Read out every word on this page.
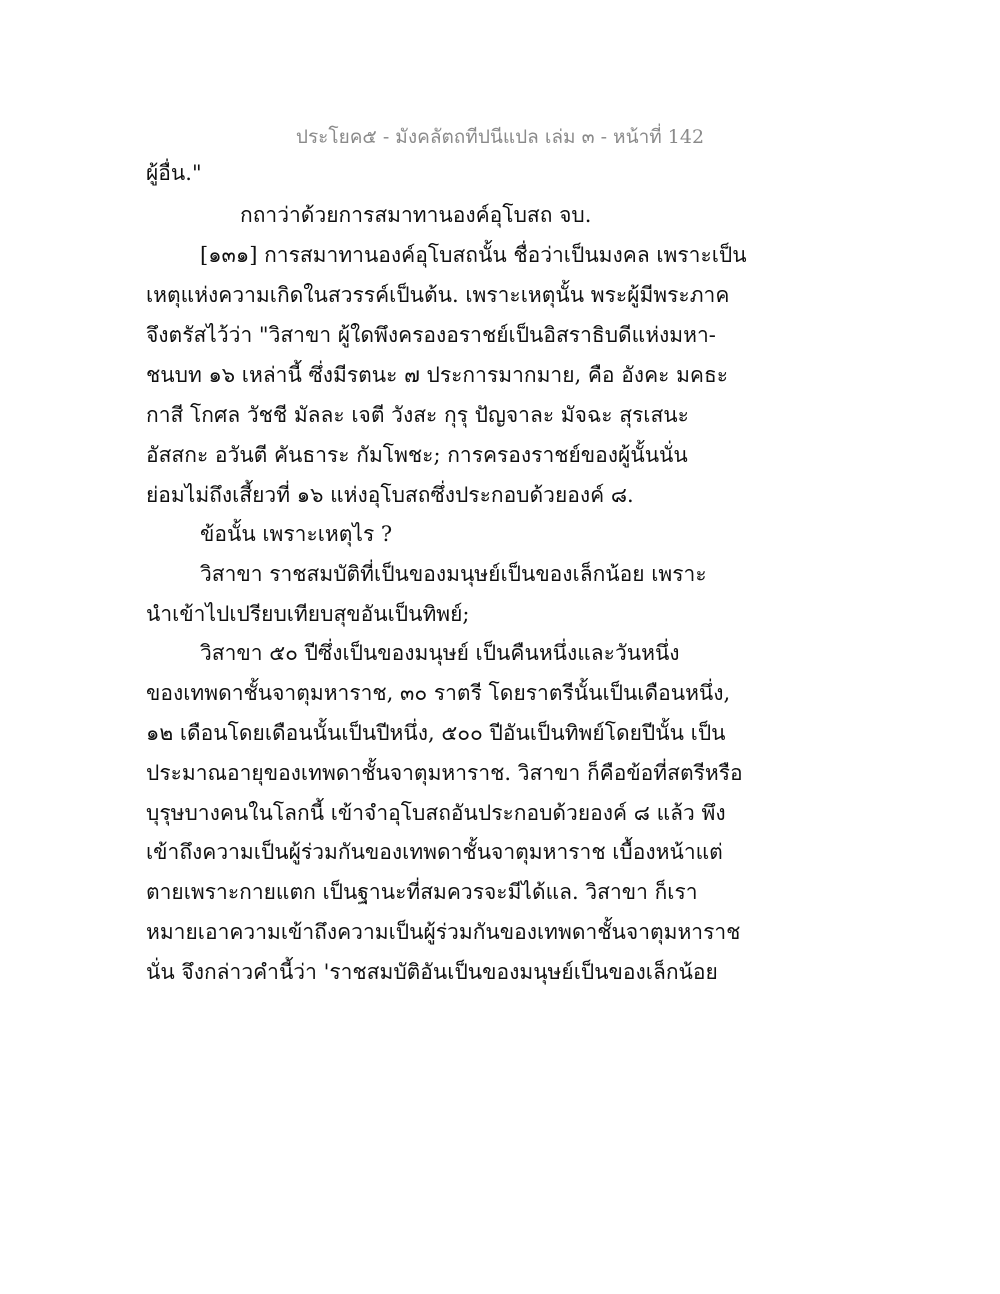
ประโยค๕ - มังคลัตถทีปนีแปล เล่ม ๓ - หน้าที่ 142
ผู้อื่น."
กถาว่าด้วยการสมาทานองค์อุโบสถ จบ.
[๑๓๑] การสมาทานองค์อุโบสถนั้น ชื่อว่าเป็นมงคล เพราะเป็น
เหตุแห่งความเกิดในสวรรค์เป็นต้น. เพราะเหตุนั้น พระผู้มีพระภาค
จึงตรัสไว้ว่า "วิสาขา ผู้ใดพึงครองอราชย์เป็นอิสราธิบดีแห่งมหา-
ชนบท ๑๖ เหล่านี้ ซึ่งมีรตนะ ๗ ประการมากมาย, คือ อังคะ มคธะ
กาสี โกศล วัชชี มัลละ เจตี วังสะ กุรุ ปัญจาละ มัจฉะ สุรเสนะ
อัสสกะ อวันตี คันธาระ กัมโพชะ; การครองราชย์ของผู้นั้นนั่น
ย่อมไม่ถึงเสี้ยวที่ ๑๖ แห่งอุโบสถซึ่งประกอบด้วยองค์ ๘.
ข้อนั้น เพราะเหตุไร ?
วิสาขา ราชสมบัติที่เป็นของมนุษย์เป็นของเล็กน้อย เพราะ
นำเข้าไปเปรียบเทียบสุขอันเป็นทิพย์;
วิสาขา ๕๐ ปีซึ่งเป็นของมนุษย์ เป็นคืนหนึ่งและวันหนึ่ง
ของเทพดาชั้นจาตุมหาราช, ๓๐ ราตรี โดยราตรีนั้นเป็นเดือนหนึ่ง,
๑๒ เดือนโดยเดือนนั้นเป็นปีหนึ่ง, ๕๐๐ ปีอันเป็นทิพย์โดยปีนั้น เป็น
ประมาณอายุของเทพดาชั้นจาตุมหาราช. วิสาขา ก็คือข้อที่สตรีหรือ
บุรุษบางคนในโลกนี้ เข้าจำอุโบสถอันประกอบด้วยองค์ ๘ แล้ว พึง
เข้าถึงความเป็นผู้ร่วมกันของเทพดาชั้นจาตุมหาราช เบื้องหน้าแต่
ตายเพราะกายแตก เป็นฐานะที่สมควรจะมีได้แล. วิสาขา ก็เรา
หมายเอาความเข้าถึงความเป็นผู้ร่วมกันของเทพดาชั้นจาตุมหาราช
นั่น จึงกล่าวคำนี้ว่า 'ราชสมบัติอันเป็นของมนุษย์เป็นของเล็กน้อย
